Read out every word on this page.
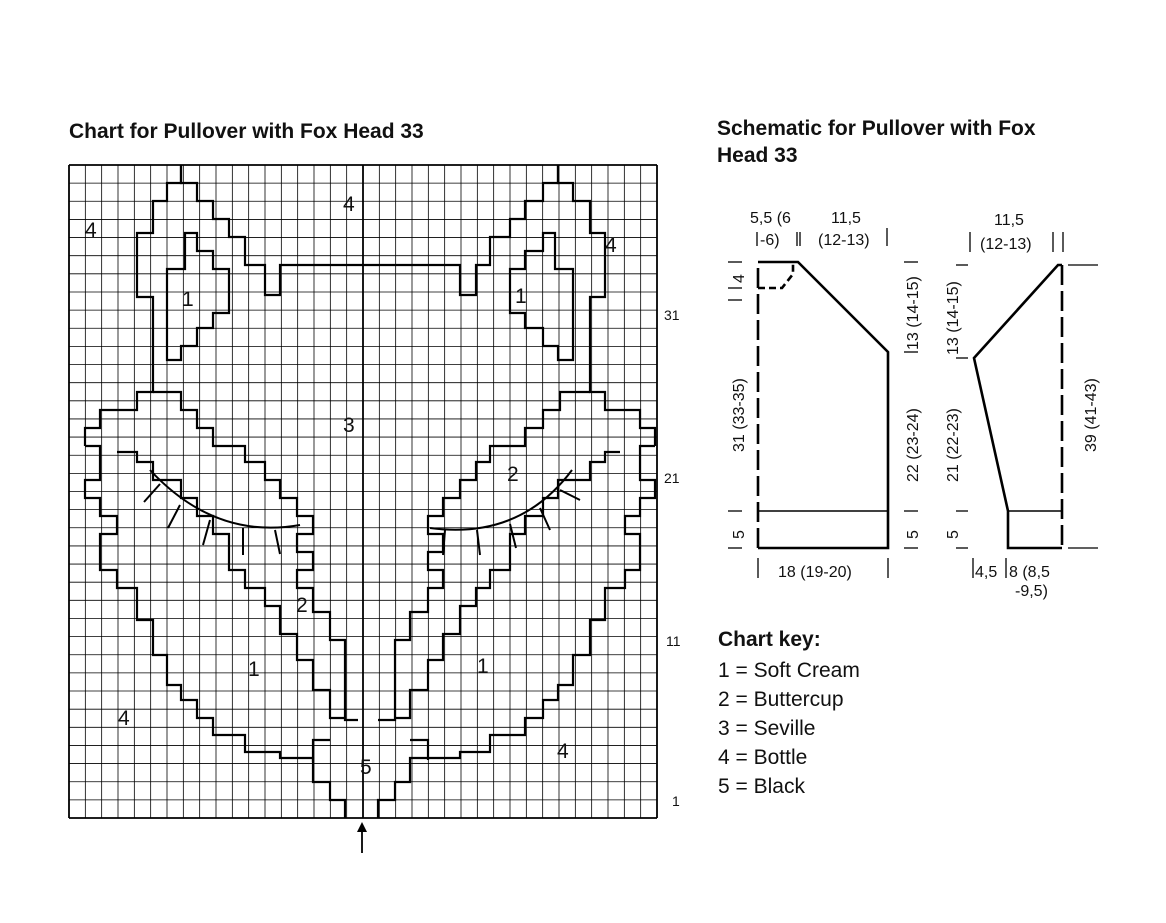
Chart for Pullover with Fox Head 33	Schematic for Pullover with Fox Head 33
4
4
4
1	1
3
2
2
1	1
4
4
5
31
21
11
1
5,5 (6
-6)
11,5
(12-13)
4
31 (33-35)
13 (14-15)
22 (23-24)
5	5
18 (19-20)
11,5
(12-13)
13 (14-15)
21 (22-23)	39 (41-43)
5
4,5 8 (8,5
-9,5)
Chart key:
1 = Soft Cream
2 = Buttercup
3 = Seville
4 = Bottle
5 = Black
